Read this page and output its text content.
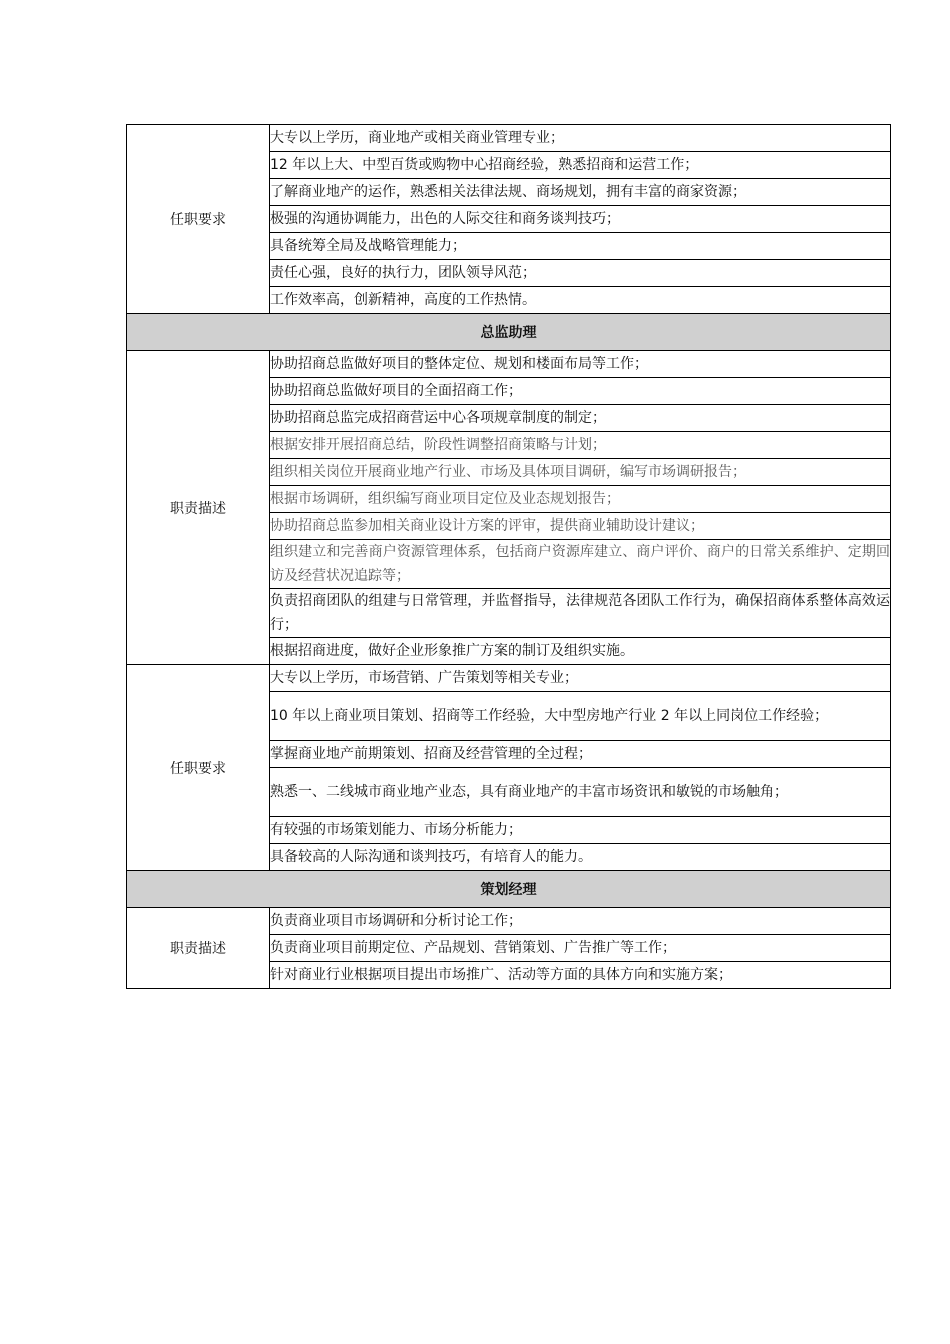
任职要求	大专以上学历，商业地产或相关商业管理专业；
	12 年以上大、中型百货或购物中心招商经验，熟悉招商和运营工作；
	了解商业地产的运作，熟悉相关法律法规、商场规划，拥有丰富的商家资源；
	极强的沟通协调能力，出色的人际交往和商务谈判技巧；
	具备统筹全局及战略管理能力；
	责任心强，良好的执行力，团队领导风范；
	工作效率高，创新精神，高度的工作热情。
总监助理	
职责描述	协助招商总监做好项目的整体定位、规划和楼面布局等工作；
	协助招商总监做好项目的全面招商工作；
	协助招商总监完成招商营运中心各项规章制度的制定；
	根据安排开展招商总结，阶段性调整招商策略与计划；
	组织相关岗位开展商业地产行业、市场及具体项目调研，编写市场调研报告；
	根据市场调研，组织编写商业项目定位及业态规划报告；
	协助招商总监参加相关商业设计方案的评审，提供商业辅助设计建议；
	组织建立和完善商户资源管理体系，包括商户资源库建立、商户评价、商户的日常关系维护、定期回访及经营状况追踪等；
	负责招商团队的组建与日常管理，并监督指导，法律规范各团队工作行为，确保招商体系整体高效运行；
	根据招商进度，做好企业形象推广方案的制订及组织实施。
任职要求	大专以上学历，市场营销、广告策划等相关专业；
	10 年以上商业项目策划、招商等工作经验，大中型房地产行业 2 年以上同岗位工作经验；
	掌握商业地产前期策划、招商及经营管理的全过程；
	熟悉一、二线城市商业地产业态，具有商业地产的丰富市场资讯和敏锐的市场触角；
	有较强的市场策划能力、市场分析能力；
	具备较高的人际沟通和谈判技巧，有培育人的能力。
策划经理	
职责描述	负责商业项目市场调研和分析讨论工作；
	负责商业项目前期定位、产品规划、营销策划、广告推广等工作；
	针对商业行业根据项目提出市场推广、活动等方面的具体方向和实施方案；
